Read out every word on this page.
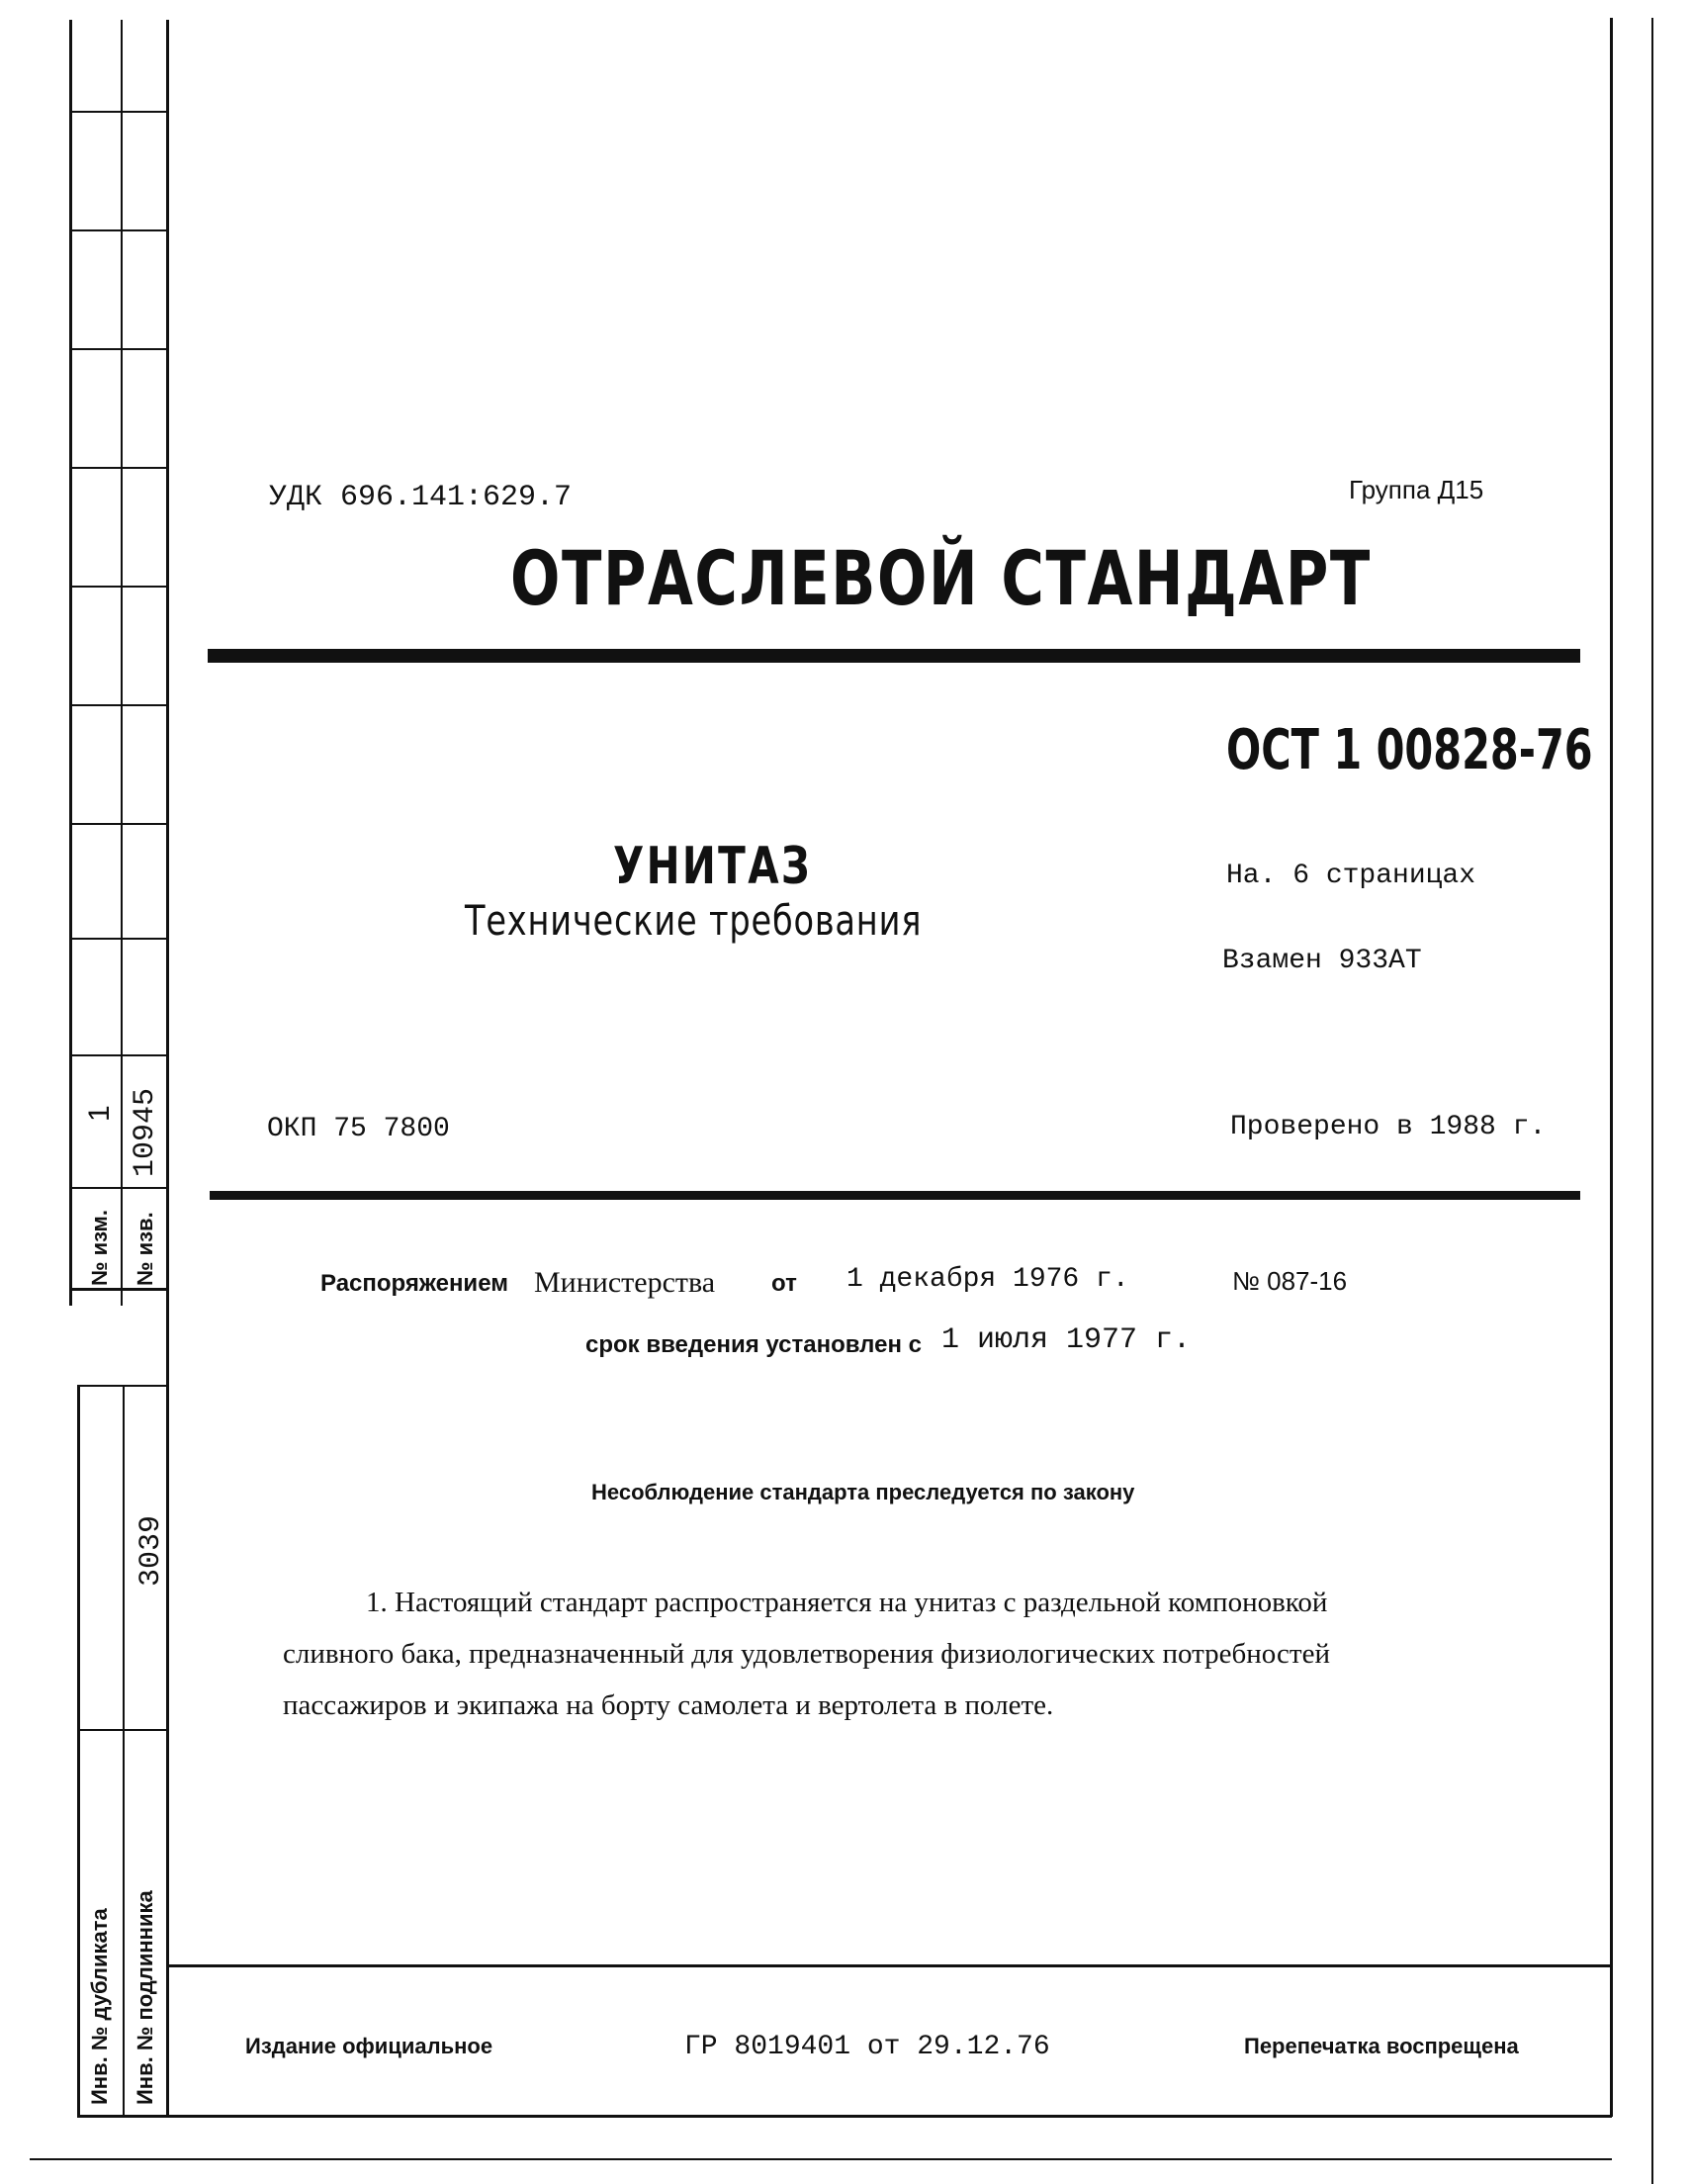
1 10945
№ изм. № изв.
3039
Инв. № дубликата Инв. № подлинника
УДК 696.141:629.7	Группа Д15
ОТРАСЛЕВОЙ СТАНДАРТ
ОСТ 1 00828-76
УНИТАЗ
Технические требования
На. 6 страницах
Взамен 933АТ
ОКП 75 7800	Проверено в 1988 г.
Распоряжением Министерства от 1 декабря 1976 г.	№ 087-16
срок введения установлен с 1 июля 1977 г.
Несоблюдение стандарта преследуется по закону
1. Настоящий стандарт распространяется на унитаз с раздельной компоновкой
сливного бака, предназначенный для удовлетворения физиологических потребностей
пассажиров и экипажа на борту самолета и вертолета в полете.
Издание официальное	ГР 8019401 от 29.12.76	Перепечатка воспрещена
